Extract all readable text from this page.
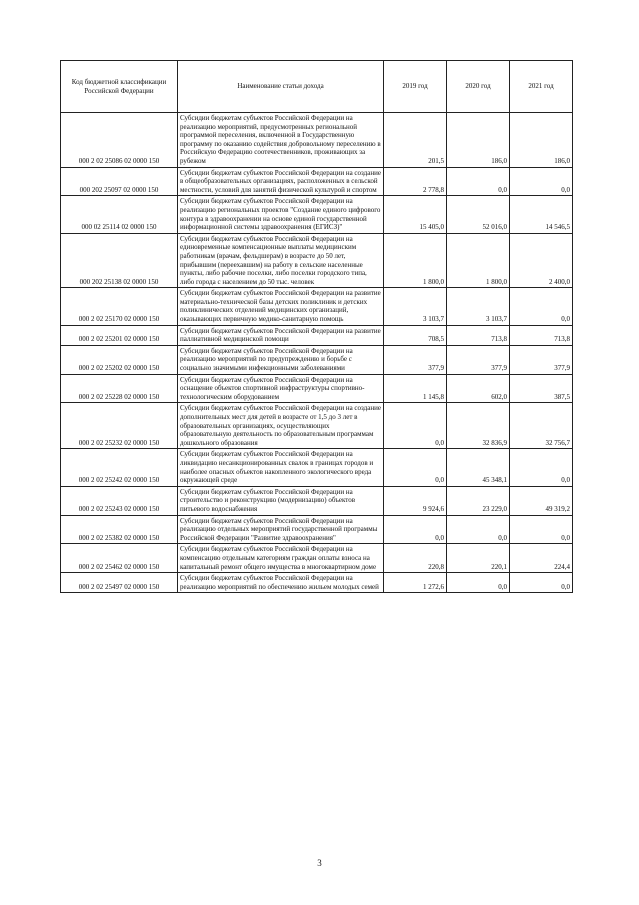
Код бюджетной классификации Российской Федерации	Наименование статьи дохода	2019 год	2020 год	2021 год
000 2 02 25086 02 0000 150	Субсидии бюджетам субъектов Российской Федерации на реализацию мероприятий, предусмотренных региональной программой переселения, включенной в Государственную программу по оказанию содействия добровольному переселению в Российскую Федерацию соотечественников, проживающих за рубежом	201,5	186,0	186,0
000 202 25097 02 0000 150	Субсидии бюджетам субъектов Российской Федерации на создание в общеобразовательных организациях, расположенных в сельской местности, условий для занятий физической культурой и спортом	2 778,8	0,0	0,0
000 02 25114 02 0000 150	Субсидии бюджетам субъектов Российской Федерации на реализацию региональных проектов "Создание единого цифрового контура в здравоохранении на основе единой государственной информационной системы здравоохранения (ЕГИСЗ)"	15 405,0	52 016,0	14 546,5
000 202 25138 02 0000 150	Субсидии бюджетам субъектов Российской Федерации на единовременные компенсационные выплаты медицинским работникам (врачам, фельдшерам) в возрасте до 50 лет, прибывшим (переехавшим) на работу в сельские населенные пункты, либо рабочие поселки, либо поселки городского типа, либо города с населением до 50 тыс. человек	1 800,0	1 800,0	2 400,0
000 2 02 25170 02 0000 150	Субсидии бюджетам субъектов Российской Федерации на развитие материально-технической базы детских поликлиник и детских поликлинических отделений медицинских организаций, оказывающих первичную медико-санитарную помощь	3 103,7	3 103,7	0,0
000 2 02 25201 02 0000 150	Субсидии бюджетам субъектов Российской Федерации на развитие паллиативной медицинской помощи	708,5	713,8	713,8
000 2 02 25202 02 0000 150	Субсидии бюджетам субъектов Российской Федерации на реализацию мероприятий по предупреждению и борьбе с социально значимыми инфекционными заболеваниями	377,9	377,9	377,9
000 2 02 25228 02 0000 150	Субсидии бюджетам субъектов Российской Федерации на оснащение объектов спортивной инфраструктуры спортивно-технологическим оборудованием	1 145,8	602,0	387,5
000 2 02 25232 02 0000 150	Субсидии бюджетам субъектов Российской Федерации на создание дополнительных мест для детей в возрасте от 1,5 до 3 лет в образовательных организациях, осуществляющих образовательную деятельность по образовательным программам дошкольного образования	0,0	32 836,9	32 756,7
000 2 02 25242 02 0000 150	Субсидии бюджетам субъектов Российской Федерации на ликвидацию несанкционированных свалок в границах городов и наиболее опасных объектов накопленного экологического вреда окружающей среде	0,0	45 348,1	0,0
000 2 02 25243 02 0000 150	Субсидии бюджетам субъектов Российской Федерации на строительство и реконструкцию (модернизацию) объектов питьевого водоснабжения	9 924,6	23 229,0	49 319,2
000 2 02 25382 02 0000 150	Субсидии бюджетам субъектов Российской Федерации на реализацию отдельных мероприятий государственной программы Российской Федерации "Развитие здравоохранения"	0,0	0,0	0,0
000 2 02 25462 02 0000 150	Субсидии бюджетам субъектов Российской Федерации на компенсацию отдельным категориям граждан оплаты взноса на капитальный ремонт общего имущества в многоквартирном доме	220,8	220,1	224,4
000 2 02 25497 02 0000 150	Субсидии бюджетам субъектов Российской Федерации на реализацию мероприятий по обеспечению жильем молодых семей	1 272,6	0,0	0,0
3
